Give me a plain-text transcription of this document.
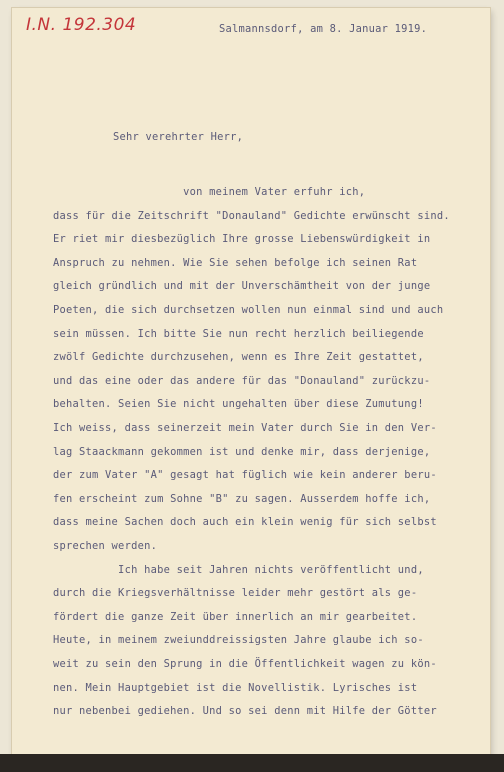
I.N. 192.304	Salmannsdorf, am 8. Januar 1919.
Sehr verehrter Herr,
von meinem Vater erfuhr ich,
dass für die Zeitschrift "Donauland" Gedichte erwünscht sind.
Er riet mir diesbezüglich Ihre grosse Liebenswürdigkeit in
Anspruch zu nehmen. Wie Sie sehen befolge ich seinen Rat
gleich gründlich und mit der Unverschämtheit von der junge
Poeten, die sich durchsetzen wollen nun einmal sind und auch
sein müssen. Ich bitte Sie nun recht herzlich beiliegende
zwölf Gedichte durchzusehen, wenn es Ihre Zeit gestattet,
und das eine oder das andere für das "Donauland" zurückzu-
behalten. Seien Sie nicht ungehalten über diese Zumutung!
Ich weiss, dass seinerzeit mein Vater durch Sie in den Ver-
lag Staackmann gekommen ist und denke mir, dass derjenige,
der zum Vater "A" gesagt hat füglich wie kein anderer beru-
fen erscheint zum Sohne "B" zu sagen. Ausserdem hoffe ich,
dass meine Sachen doch auch ein klein wenig für sich selbst
sprechen werden.
Ich habe seit Jahren nichts veröffentlicht und,
durch die Kriegsverhältnisse leider mehr gestört als ge-
fördert die ganze Zeit über innerlich an mir gearbeitet.
Heute, in meinem zweiunddreissigsten Jahre glaube ich so-
weit zu sein den Sprung in die Öffentlichkeit wagen zu kön-
nen. Mein Hauptgebiet ist die Novellistik. Lyrisches ist
nur nebenbei gediehen. Und so sei denn mit Hilfe der Götter
